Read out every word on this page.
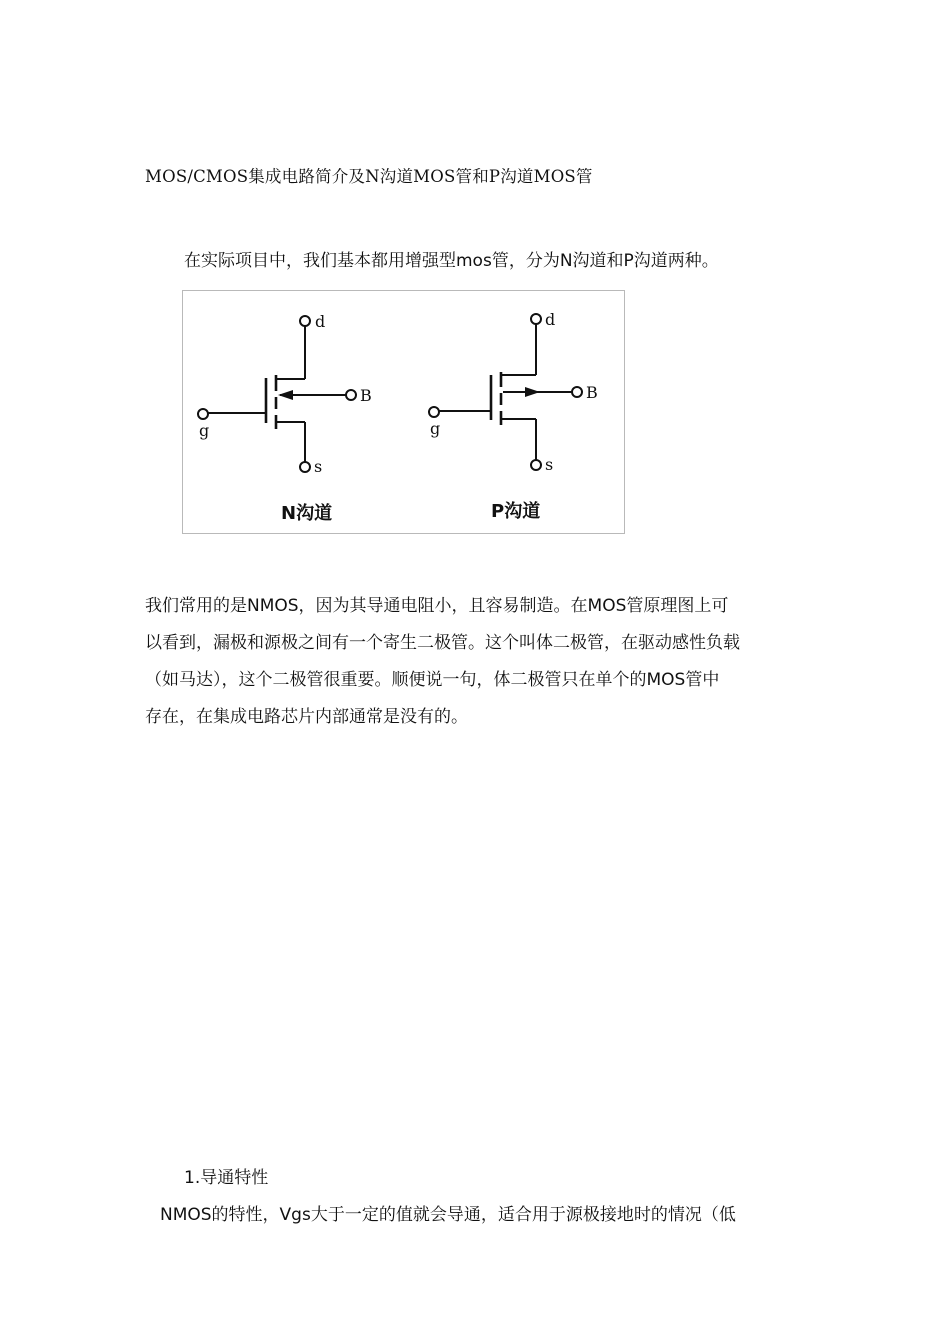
MOS/CMOS集成电路简介及N沟道MOS管和P沟道MOS管
在实际项目中，我们基本都用增强型mos管，分为N沟道和P沟道两种。
d
B
g
s
N沟道
d
B
g
s
P沟道
我们常用的是NMOS，因为其导通电阻小，且容易制造。在MOS管原理图上可
以看到，漏极和源极之间有一个寄生二极管。这个叫体二极管，在驱动感性负载
（如马达），这个二极管很重要。顺便说一句，体二极管只在单个的MOS管中
存在，在集成电路芯片内部通常是没有的。
1.导通特性
NMOS的特性，Vgs大于一定的值就会导通，适合用于源极接地时的情况（低
